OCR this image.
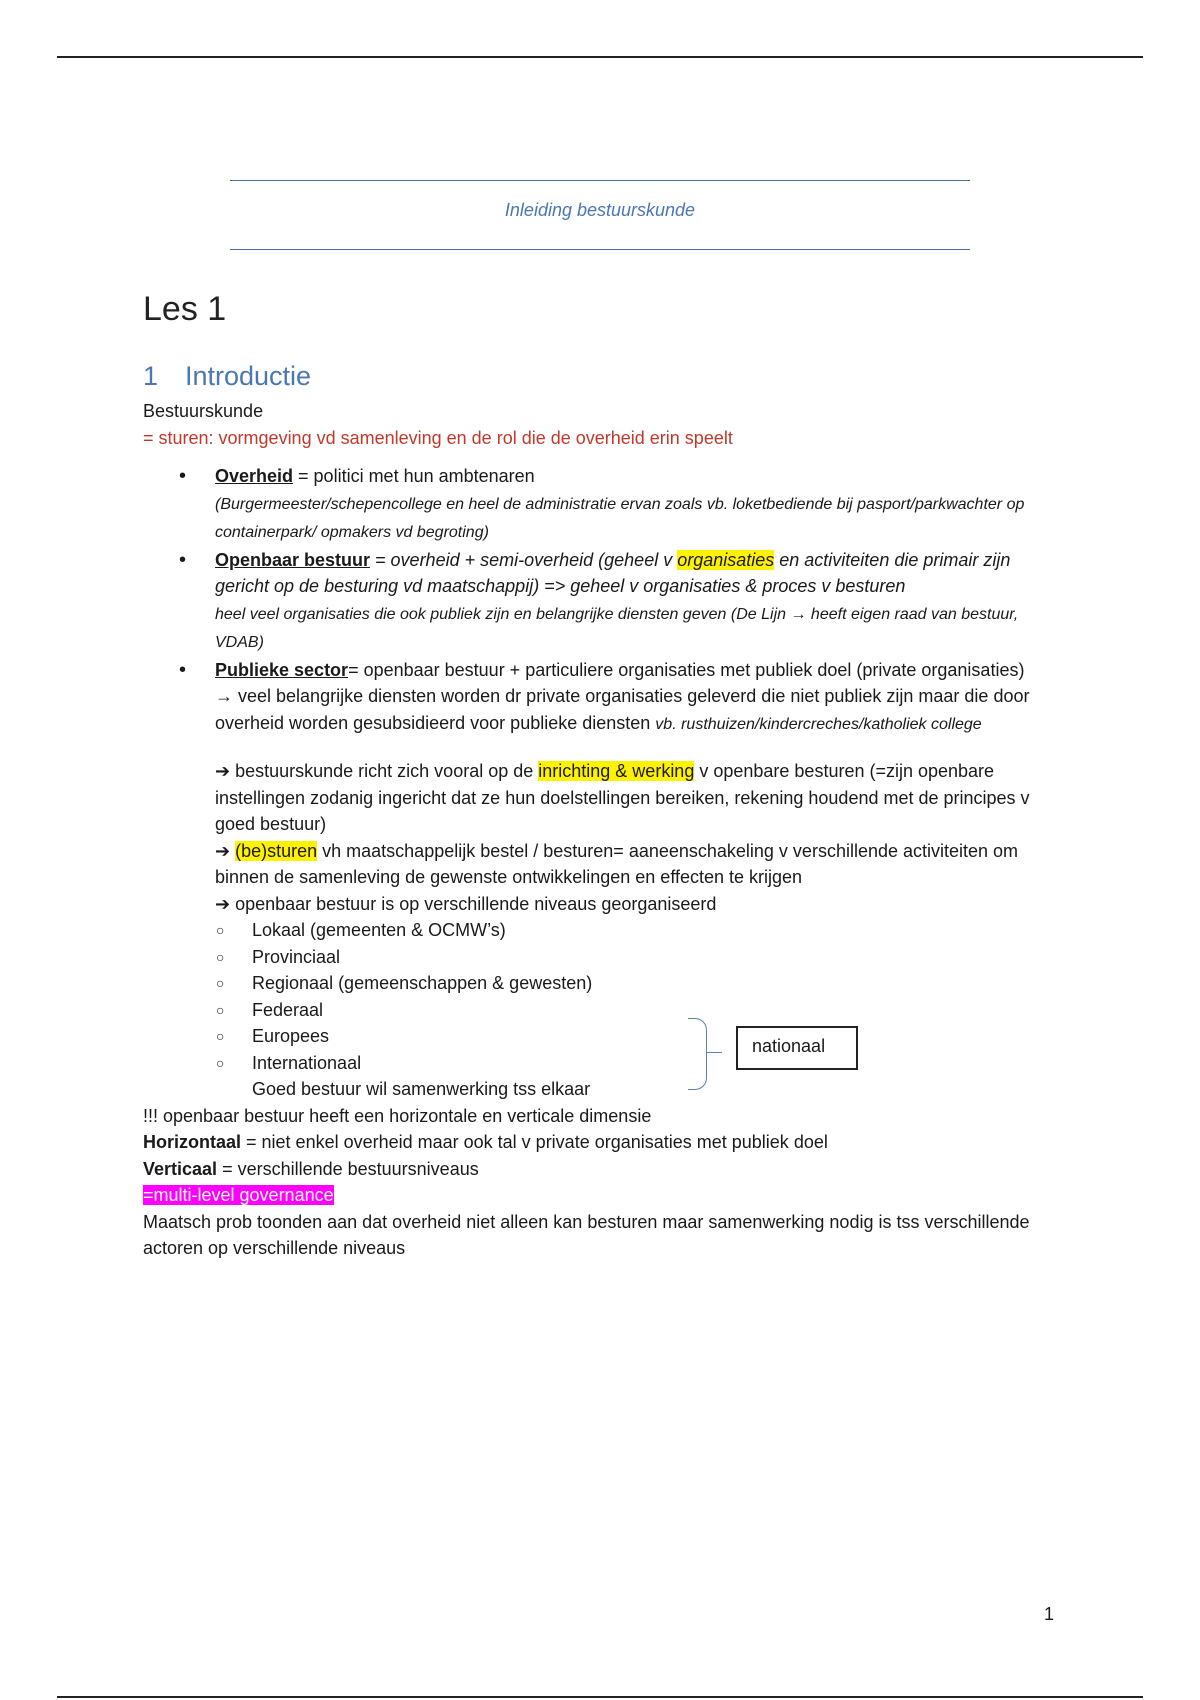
Inleiding bestuurskunde
Les 1
1 Introductie

Bestuurskunde

= sturen: vormgeving vd samenleving en de rol die de overheid erin speelt

• Overheid = politici met hun ambtenaren
(Burgermeester/schepencollege en heel de administratie ervan zoals vb. loketbediende bij pasport/parkwachter op containerpark/ opmakers vd begroting)
• Openbaar bestuur = overheid + semi-overheid (geheel v organisaties en activiteiten die primair zijn gericht op de besturing vd maatschappij) => geheel v organisaties & proces v besturen
heel veel organisaties die ook publiek zijn en belangrijke diensten geven (De Lijn → heeft eigen raad van bestuur, VDAB)
• Publieke sector= openbaar bestuur + particuliere organisaties met publiek doel (private organisaties)
→ veel belangrijke diensten worden dr private organisaties geleverd die niet publiek zijn maar die door overheid worden gesubsidieerd voor publieke diensten vb. rusthuizen/kindercreches/katholiek college

➔ bestuurskunde richt zich vooral op de inrichting & werking v openbare besturen (=zijn openbare instellingen zodanig ingericht dat ze hun doelstellingen bereiken, rekening houdend met de principes v goed bestuur)

➔ (be)sturen vh maatschappelijk bestel / besturen= aaneenschakeling v verschillende activiteiten om binnen de samenleving de gewenste ontwikkelingen en effecten te krijgen

➔ openbaar bestuur is op verschillende niveaus georganiseerd

○ Lokaal (gemeenten & OCMW’s)
○ Provinciaal
○ Regionaal (gemeenschappen & gewesten)
○ Federaal
○ Europees
○ Internationaal

Goed bestuur wil samenwerking tss elkaar

!!! openbaar bestuur heeft een horizontale en verticale dimensie

Horizontaal = niet enkel overheid maar ook tal v private organisaties met publiek doel

Verticaal = verschillende bestuursniveaus

=multi-level governance

Maatsch prob toonden aan dat overheid niet alleen kan besturen maar samenwerking nodig is tss verschillende actoren op verschillende niveaus

nationaal
1
